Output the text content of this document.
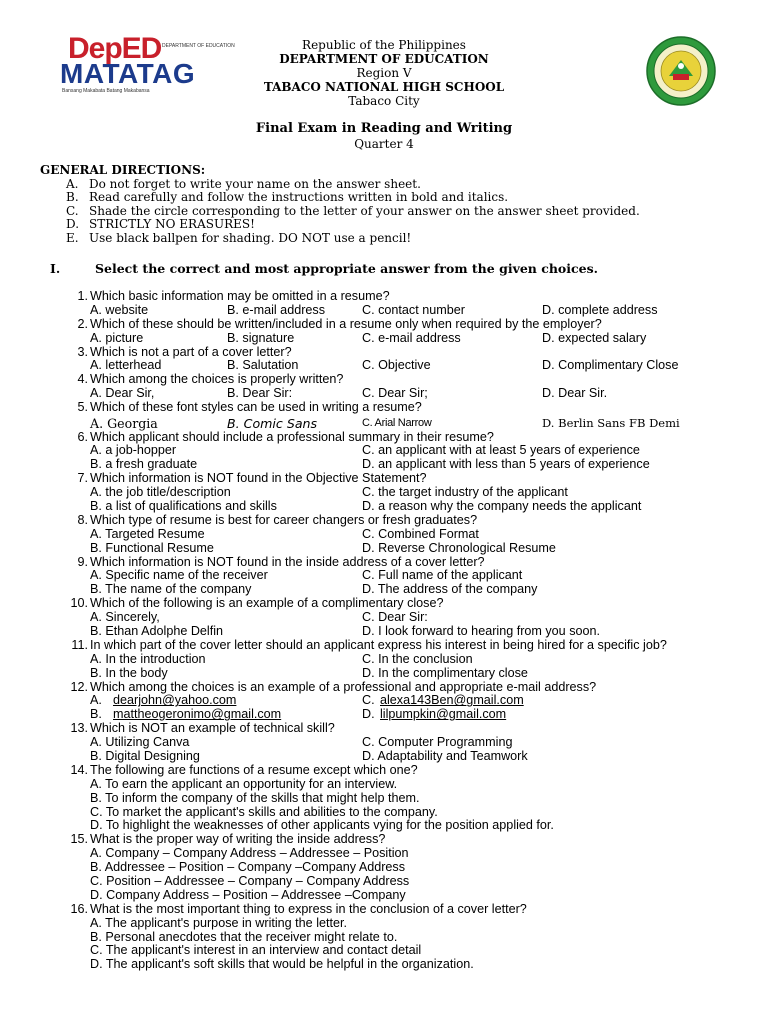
DepED DEPARTMENT OF EDUCATION
MATATAG
Bansang Makabata Batang Makabansa
Republic of the Philippines
DEPARTMENT OF EDUCATION
Region V
TABACO NATIONAL HIGH SCHOOL
Tabaco City
Final Exam in Reading and Writing
Quarter 4
GENERAL DIRECTIONS:
A. Do not forget to write your name on the answer sheet.
B. Read carefully and follow the instructions written in bold and italics.
C. Shade the circle corresponding to the letter of your answer on the answer sheet provided.
D. STRICTLY NO ERASURES!
E. Use black ballpen for shading. DO NOT use a pencil!
I.	Select the correct and most appropriate answer from the given choices.
1. Which basic information may be omitted in a resume?
A. website	B. e-mail address	C. contact number	D. complete address
2. Which of these should be written/included in a resume only when required by the employer?
A. picture	B. signature	C. e-mail address	D. expected salary
3. Which is not a part of a cover letter?
A. letterhead	B. Salutation	C. Objective	D. Complimentary Close
4. Which among the choices is properly written?
A. Dear Sir,	B. Dear Sir:	C. Dear Sir;	D. Dear Sir.
5. Which of these font styles can be used in writing a resume?
A. Georgia	B. Comic Sans	C. Arial Narrow	D. Berlin Sans FB Demi
6. Which applicant should include a professional summary in their resume?
A. a job-hopper	C. an applicant with at least 5 years of experience
B. a fresh graduate	D. an applicant with less than 5 years of experience
7. Which information is NOT found in the Objective Statement?
A. the job title/description	C. the target industry of the applicant
B. a list of qualifications and skills	D. a reason why the company needs the applicant
8. Which type of resume is best for career changers or fresh graduates?
A. Targeted Resume	C. Combined Format
B. Functional Resume	D. Reverse Chronological Resume
9. Which information is NOT found in the inside address of a cover letter?
A. Specific name of the receiver	C. Full name of the applicant
B. The name of the company	D. The address of the company
10. Which of the following is an example of a complimentary close?
A. Sincerely,	C. Dear Sir:
B. Ethan Adolphe Delfin	D. I look forward to hearing from you soon.
11. In which part of the cover letter should an applicant express his interest in being hired for a specific job?
A. In the introduction	C. In the conclusion
B. In the body	D. In the complimentary close
12. Which among the choices is an example of a professional and appropriate e-mail address?
A. dearjohn@yahoo.com	C. alexa143Ben@gmail.com
B. mattheogeronimo@gmail.com	D. lilpumpkin@gmail.com
13. Which is NOT an example of technical skill?
A. Utilizing Canva	C. Computer Programming
B. Digital Designing	D. Adaptability and Teamwork
14. The following are functions of a resume except which one?
A. To earn the applicant an opportunity for an interview.
B. To inform the company of the skills that might help them.
C. To market the applicant's skills and abilities to the company.
D. To highlight the weaknesses of other applicants vying for the position applied for.
15. What is the proper way of writing the inside address?
A. Company – Company Address – Addressee – Position
B. Addressee – Position – Company –Company Address
C. Position – Addressee – Company – Company Address
D. Company Address – Position – Addressee –Company
16. What is the most important thing to express in the conclusion of a cover letter?
A. The applicant's purpose in writing the letter.
B. Personal anecdotes that the receiver might relate to.
C. The applicant's interest in an interview and contact detail
D. The applicant's soft skills that would be helpful in the organization.
